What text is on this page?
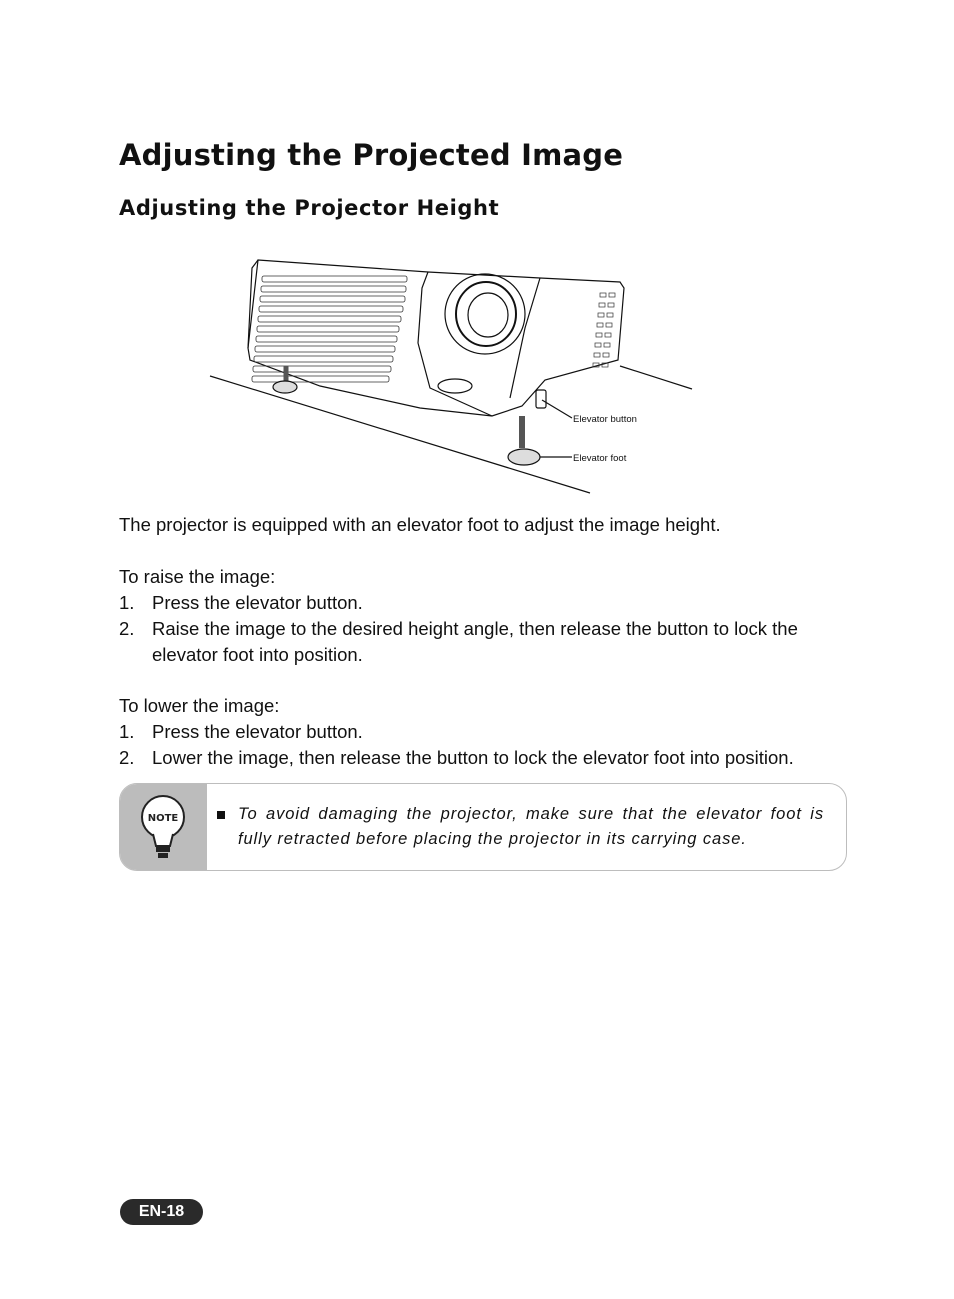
Adjusting the Projected Image
Adjusting the Projector Height
Elevator button
Elevator foot

The projector is equipped with an elevator foot to adjust the image height.

To raise the image:

1. Press the elevator button.
2. Raise the image to the desired height angle, then release the button to lock the elevator foot into position.

To lower the image:

1. Press the elevator button.
2. Lower the image, then release the button to lock the elevator foot into position.
NOTE	To avoid damaging the projector, make sure that the elevator foot is fully retracted before placing the projector in its carrying case.

EN-18
